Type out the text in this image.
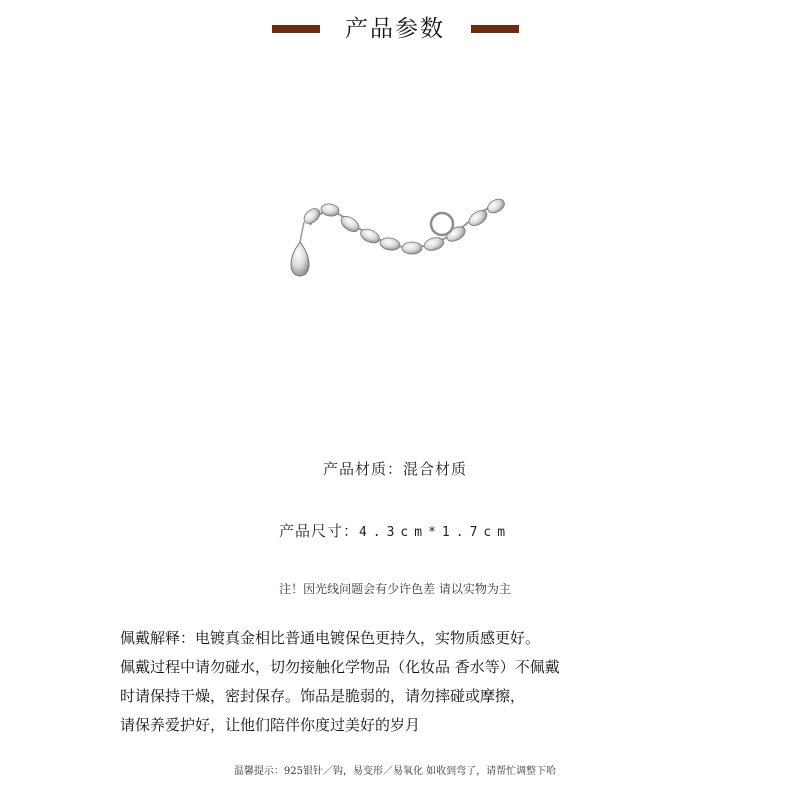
产品参数
产品材质：混合材质
产品尺寸：4.3cm*1.7cm
注！因光线问题会有少许色差 请以实物为主
佩戴解释：电镀真金相比普通电镀保色更持久，实物质感更好。
佩戴过程中请勿碰水，切勿接触化学物品（化妆品 香水等）不佩戴
时请保持干燥，密封保存。饰品是脆弱的，请勿摔碰或摩擦，
请保养爱护好，让他们陪伴你度过美好的岁月
温馨提示：925银针／钩，易变形／易氧化 如收到弯了，请帮忙调整下哈
